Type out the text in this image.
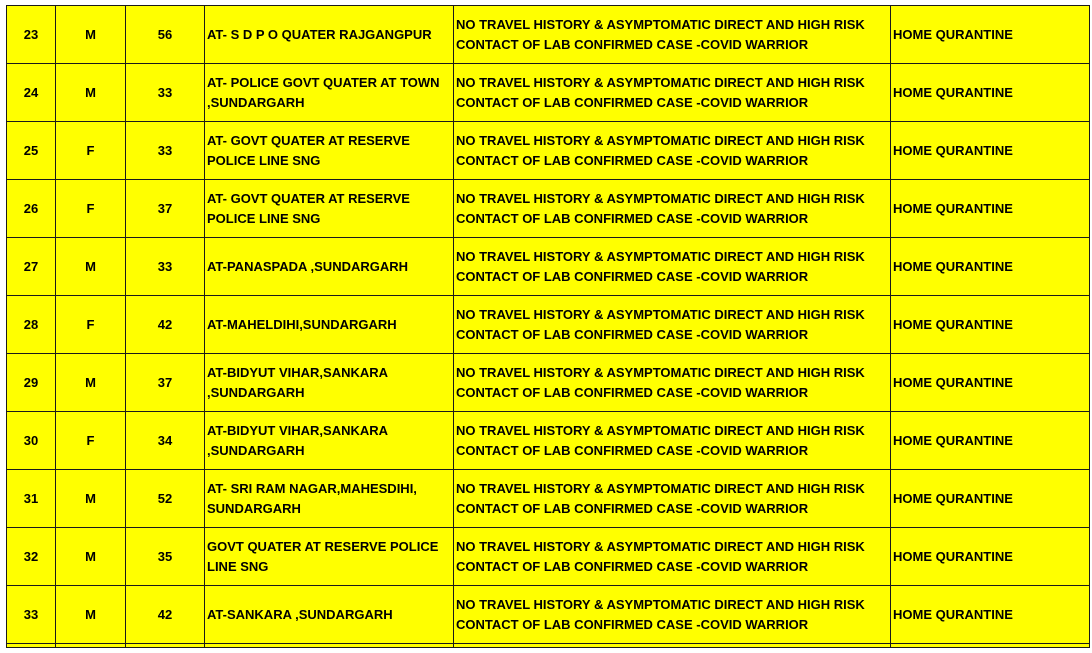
23	M	56	AT- S D P O QUATER RAJGANGPUR	NO TRAVEL HISTORY & ASYMPTOMATIC DIRECT AND HIGH RISK
CONTACT OF LAB CONFIRMED CASE -COVID WARRIOR	HOME QURANTINE

24	M	33	AT- POLICE GOVT QUATER AT TOWN
,SUNDARGARH	NO TRAVEL HISTORY & ASYMPTOMATIC DIRECT AND HIGH RISK
CONTACT OF LAB CONFIRMED CASE -COVID WARRIOR	HOME QURANTINE

25	F	33	AT- GOVT QUATER AT RESERVE
POLICE LINE SNG	NO TRAVEL HISTORY & ASYMPTOMATIC DIRECT AND HIGH RISK
CONTACT OF LAB CONFIRMED CASE -COVID WARRIOR	HOME QURANTINE

26	F	37	AT- GOVT QUATER AT RESERVE
POLICE LINE SNG	NO TRAVEL HISTORY & ASYMPTOMATIC DIRECT AND HIGH RISK
CONTACT OF LAB CONFIRMED CASE -COVID WARRIOR	HOME QURANTINE

27	M	33	AT-PANASPADA ,SUNDARGARH	NO TRAVEL HISTORY & ASYMPTOMATIC DIRECT AND HIGH RISK
CONTACT OF LAB CONFIRMED CASE -COVID WARRIOR	HOME QURANTINE

28	F	42	AT-MAHELDIHI,SUNDARGARH	NO TRAVEL HISTORY & ASYMPTOMATIC DIRECT AND HIGH RISK
CONTACT OF LAB CONFIRMED CASE -COVID WARRIOR	HOME QURANTINE

29	M	37	AT-BIDYUT VIHAR,SANKARA
,SUNDARGARH	NO TRAVEL HISTORY & ASYMPTOMATIC DIRECT AND HIGH RISK
CONTACT OF LAB CONFIRMED CASE -COVID WARRIOR	HOME QURANTINE

30	F	34	AT-BIDYUT VIHAR,SANKARA
,SUNDARGARH	NO TRAVEL HISTORY & ASYMPTOMATIC DIRECT AND HIGH RISK
CONTACT OF LAB CONFIRMED CASE -COVID WARRIOR	HOME QURANTINE

31	M	52	AT- SRI RAM NAGAR,MAHESDIHI,
SUNDARGARH	NO TRAVEL HISTORY & ASYMPTOMATIC DIRECT AND HIGH RISK
CONTACT OF LAB CONFIRMED CASE -COVID WARRIOR	HOME QURANTINE

32	M	35	GOVT QUATER AT RESERVE POLICE
LINE SNG	NO TRAVEL HISTORY & ASYMPTOMATIC DIRECT AND HIGH RISK
CONTACT OF LAB CONFIRMED CASE -COVID WARRIOR	HOME QURANTINE

33	M	42	AT-SANKARA ,SUNDARGARH	NO TRAVEL HISTORY & ASYMPTOMATIC DIRECT AND HIGH RISK
CONTACT OF LAB CONFIRMED CASE -COVID WARRIOR	HOME QURANTINE
